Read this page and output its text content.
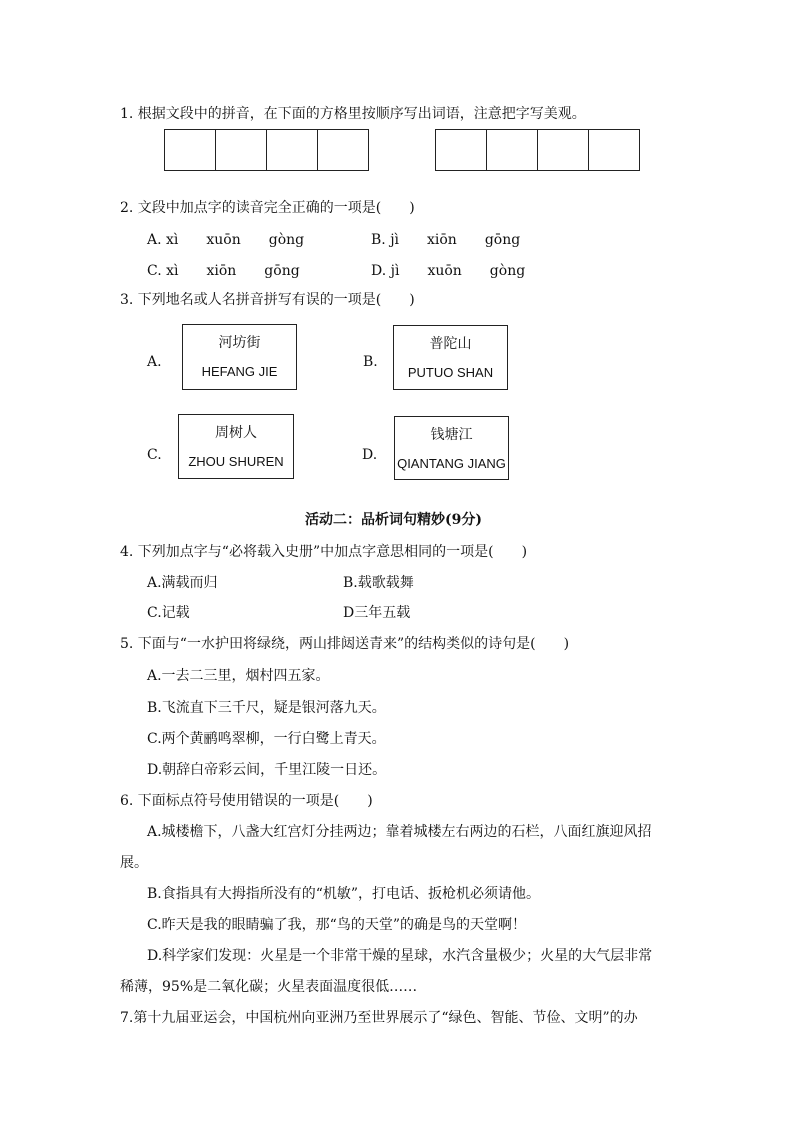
1. 根据文段中的拼音，在下面的方格里按顺序写出词语，注意把字写美观。
2. 文段中加点字的读音完全正确的一项是(　　)
A. xì　　xuōn　　gòng	B. jì　　xiōn　　gōng
C. xì　　xiōn　　gōng	D. jì　　xuōn　　gòng
3. 下列地名或人名拼音拼写有误的一项是(　　)
A.
河坊街
HEFANG JIE
B.
普陀山
PUTUO SHAN
C.
周树人
ZHOU SHUREN	D.
钱塘江
QIANTANG JIANG
活动二：品析词句精妙(9分)
4. 下列加点字与“必将载入史册”中加点字意思相同的一项是(　　)
A.满载而归	B.载歌载舞
C.记载	D三年五载
5. 下面与“一水护田将绿绕，两山排闼送青来”的结构类似的诗句是(　　)
A.一去二三里，烟村四五家。
B.飞流直下三千尺，疑是银河落九天。
C.两个黄鹂鸣翠柳，一行白鹭上青天。
D.朝辞白帝彩云间，千里江陵一日还。
6. 下面标点符号使用错误的一项是(　　)
A.城楼檐下，八盏大红宫灯分挂两边；靠着城楼左右两边的石栏，八面红旗迎风招
展。
B.食指具有大拇指所没有的“机敏”，打电话、扳枪机必须请他。
C.昨天是我的眼睛骗了我，那“鸟的天堂”的确是鸟的天堂啊！
D.科学家们发现：火星是一个非常干燥的星球，水汽含量极少；火星的大气层非常
稀薄，95%是二氧化碳；火星表面温度很低……
7.第十九届亚运会，中国杭州向亚洲乃至世界展示了“绿色、智能、节俭、文明”的办
